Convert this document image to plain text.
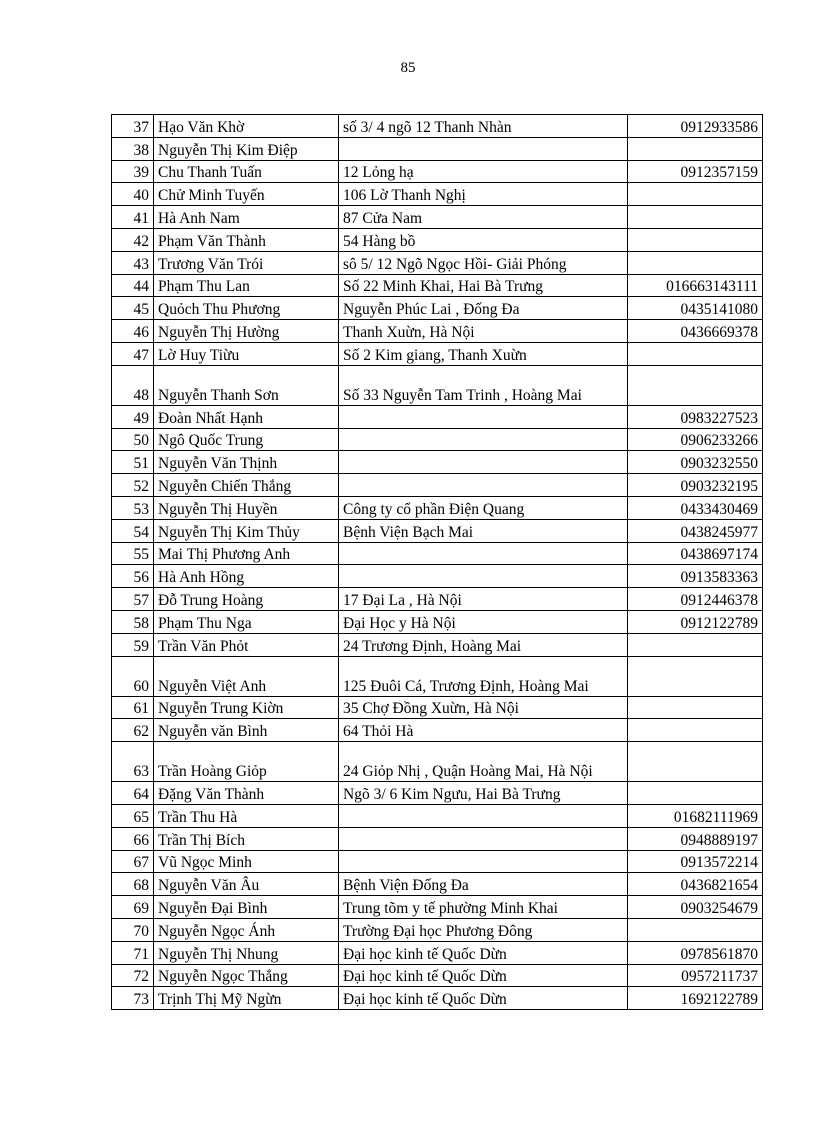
85
37	Hạo Văn Khờ	số 3/ 4 ngõ 12 Thanh Nhàn	0912933586
38	Nguyễn Thị Kim Điệp		
39	Chu Thanh Tuấn	12 Lỏng hạ	0912357159
40	Chử Minh Tuyến	106 Lờ Thanh Nghị	
41	Hà Anh Nam	87 Cửa Nam	
42	Phạm Văn Thành	54 Hàng bồ	
43	Trương Văn Trói	sô 5/ 12 Ngõ Ngọc Hồi- Giải Phóng	
44	Phạm Thu Lan	Số 22 Minh Khai, Hai Bà Trưng	016663143111
45	Quỏch Thu Phương	Nguyễn Phúc Lai , Đống Đa	0435141080
46	Nguyễn Thị Hường	Thanh Xuừn, Hà Nội	0436669378
47	Lờ Huy Tiừu	Số 2 Kim giang, Thanh Xuừn	
48	Nguyễn Thanh Sơn	Số 33 Nguyễn Tam Trinh , Hoàng Mai	
49	Đoàn Nhất Hạnh		0983227523
50	Ngô Quốc Trung		0906233266
51	Nguyễn Văn Thịnh		0903232550
52	Nguyễn Chiến Thắng		0903232195
53	Nguyễn Thị Huyền	Công ty cổ phần Điện Quang	0433430469
54	Nguyễn Thị Kim Thủy	Bệnh Viện Bạch Mai	0438245977
55	Mai Thị Phương Anh		0438697174
56	Hà Anh Hồng		0913583363
57	Đỗ Trung Hoàng	17 Đại La , Hà Nội	0912446378
58	Phạm Thu Nga	Đại Học y Hà Nội	0912122789
59	Trần Văn Phỏt	24 Trương Định, Hoàng Mai	
60	Nguyễn Việt Anh	125 Đuôi Cá, Trương Định, Hoàng Mai	
61	Nguyễn Trung Kiờn	35 Chợ Đồng Xuừn, Hà Nội	
62	Nguyễn văn Bình	64 Thỏi Hà	
63	Trần Hoàng Giỏp	24 Giỏp Nhị , Quận Hoàng Mai, Hà Nội	
64	Đặng Văn Thành	Ngõ 3/ 6 Kim Ngưu, Hai Bà Trưng	
65	Trần Thu Hà		01682111969
66	Trần Thị Bích		0948889197
67	Vũ Ngọc Minh		0913572214
68	Nguyễn Văn Âu	Bệnh Viện Đống Đa	0436821654
69	Nguyễn Đại Bình	Trung tõm y tế phường Minh Khai	0903254679
70	Nguyễn Ngọc Ánh	Trường Đại học Phương Đông	
71	Nguyễn Thị Nhung	Đại học kinh tế Quốc Dừn	0978561870
72	Nguyễn Ngọc Thắng	Đại học kinh tế Quốc Dừn	0957211737
73	Trịnh Thị Mỹ Ngừn	Đại học kinh tế Quốc Dừn	1692122789
